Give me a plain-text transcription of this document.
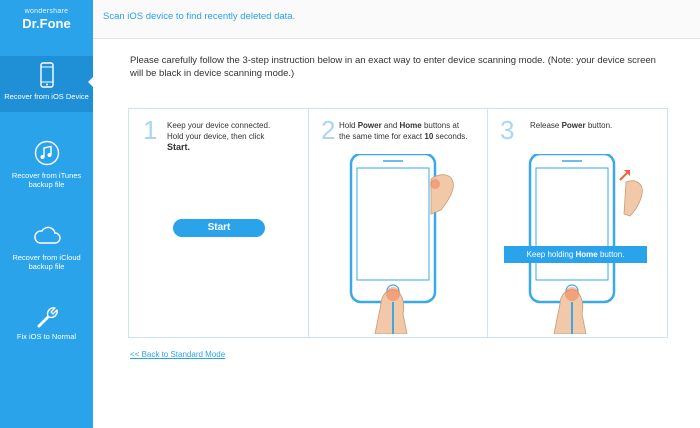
wondershare
Dr.Fone
Recover from iOS Device
Recover from iTunes backup file
Recover from iCloud backup file
Fix iOS to Normal
Scan iOS device to find recently deleted data.
Please carefully follow the 3-step instruction below in an exact way to enter device scanning mode. (Note: your device screen will be black in device scanning mode.)
1 Keep your device connected.
Hold your device, then click
Start.
Start
2 Hold Power and Home buttons at
the same time for exact 10 seconds.	3 Release Power button.
Keep holding Home button.
<< Back to Standard Mode
